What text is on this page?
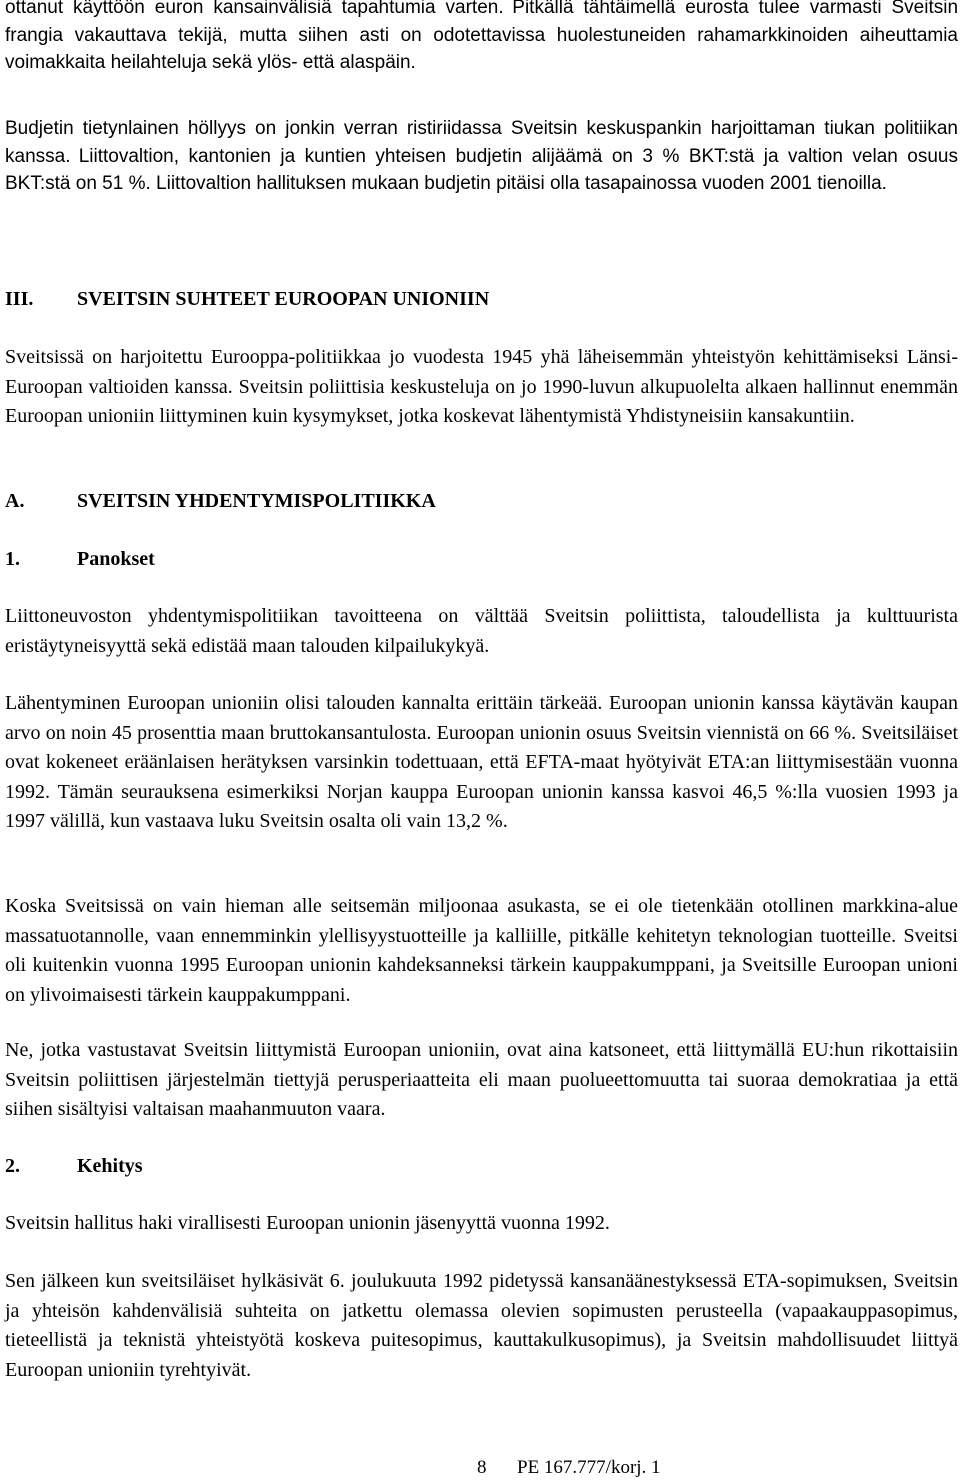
ottanut käyttöön euron kansainvälisiä tapahtumia varten. Pitkällä tähtäimellä eurosta tulee varmasti Sveitsin frangia vakauttava tekijä, mutta siihen asti on odotettavissa huolestuneiden rahamarkkinoiden aiheuttamia voimakkaita heilahteluja sekä ylös- että alaspäin.

Budjetin tietynlainen höllyys on jonkin verran ristiriidassa Sveitsin keskuspankin harjoittaman tiukan politiikan kanssa. Liittovaltion, kantonien ja kuntien yhteisen budjetin alijäämä on 3 % BKT:stä ja valtion velan osuus BKT:stä on 51 %. Liittovaltion hallituksen mukaan budjetin pitäisi olla tasapainossa vuoden 2001 tienoilla.

III. SVEITSIN SUHTEET EUROOPAN UNIONIIN

Sveitsissä on harjoitettu Eurooppa-politiikkaa jo vuodesta 1945 yhä läheisemmän yhteistyön kehittämiseksi Länsi-Euroopan valtioiden kanssa. Sveitsin poliittisia keskusteluja on jo 1990-luvun alkupuolelta alkaen hallinnut enemmän Euroopan unioniin liittyminen kuin kysymykset, jotka koskevat lähentymistä Yhdistyneisiin kansakuntiin.

A.	SVEITSIN YHDENTYMISPOLITIIKKA
1.	Panokset

Liittoneuvoston yhdentymispolitiikan tavoitteena on välttää Sveitsin poliittista, taloudellista ja kulttuurista eristäytyneisyyttä sekä edistää maan talouden kilpailukykyä.

Lähentyminen Euroopan unioniin olisi talouden kannalta erittäin tärkeää. Euroopan unionin kanssa käytävän kaupan arvo on noin 45 prosenttia maan bruttokansantulosta. Euroopan unionin osuus Sveitsin viennistä on 66 %. Sveitsiläiset ovat kokeneet eräänlaisen herätyksen varsinkin todettuaan, että EFTA-maat hyötyivät ETA:an liittymisestään vuonna 1992. Tämän seurauksena esimerkiksi Norjan kauppa Euroopan unionin kanssa kasvoi 46,5 %:lla vuosien 1993 ja 1997 välillä, kun vastaava luku Sveitsin osalta oli vain 13,2 %.

Koska Sveitsissä on vain hieman alle seitsemän miljoonaa asukasta, se ei ole tietenkään otollinen markkina-alue massatuotannolle, vaan ennemminkin ylellisyystuotteille ja kalliille, pitkälle kehitetyn teknologian tuotteille. Sveitsi oli kuitenkin vuonna 1995 Euroopan unionin kahdeksanneksi tärkein kauppakumppani, ja Sveitsille Euroopan unioni on ylivoimaisesti tärkein kauppakumppani.

Ne, jotka vastustavat Sveitsin liittymistä Euroopan unioniin, ovat aina katsoneet, että liittymällä EU:hun rikottaisiin Sveitsin poliittisen järjestelmän tiettyjä perusperiaatteita eli maan puolueettomuutta tai suoraa demokratiaa ja että siihen sisältyisi valtaisan maahanmuuton vaara.

2.	Kehitys

Sveitsin hallitus haki virallisesti Euroopan unionin jäsenyyttä vuonna 1992.

Sen jälkeen kun sveitsiläiset hylkäsivät 6. joulukuuta 1992 pidetyssä kansanäänestyksessä ETA-sopimuksen, Sveitsin ja yhteisön kahdenvälisiä suhteita on jatkettu olemassa olevien sopimusten perusteella (vapaakauppasopimus, tieteellistä ja teknistä yhteistyötä koskeva puitesopimus, kauttakulkusopimus), ja Sveitsin mahdollisuudet liittyä Euroopan unioniin tyrehtyivät.

8 PE 167.777/korj. 1
